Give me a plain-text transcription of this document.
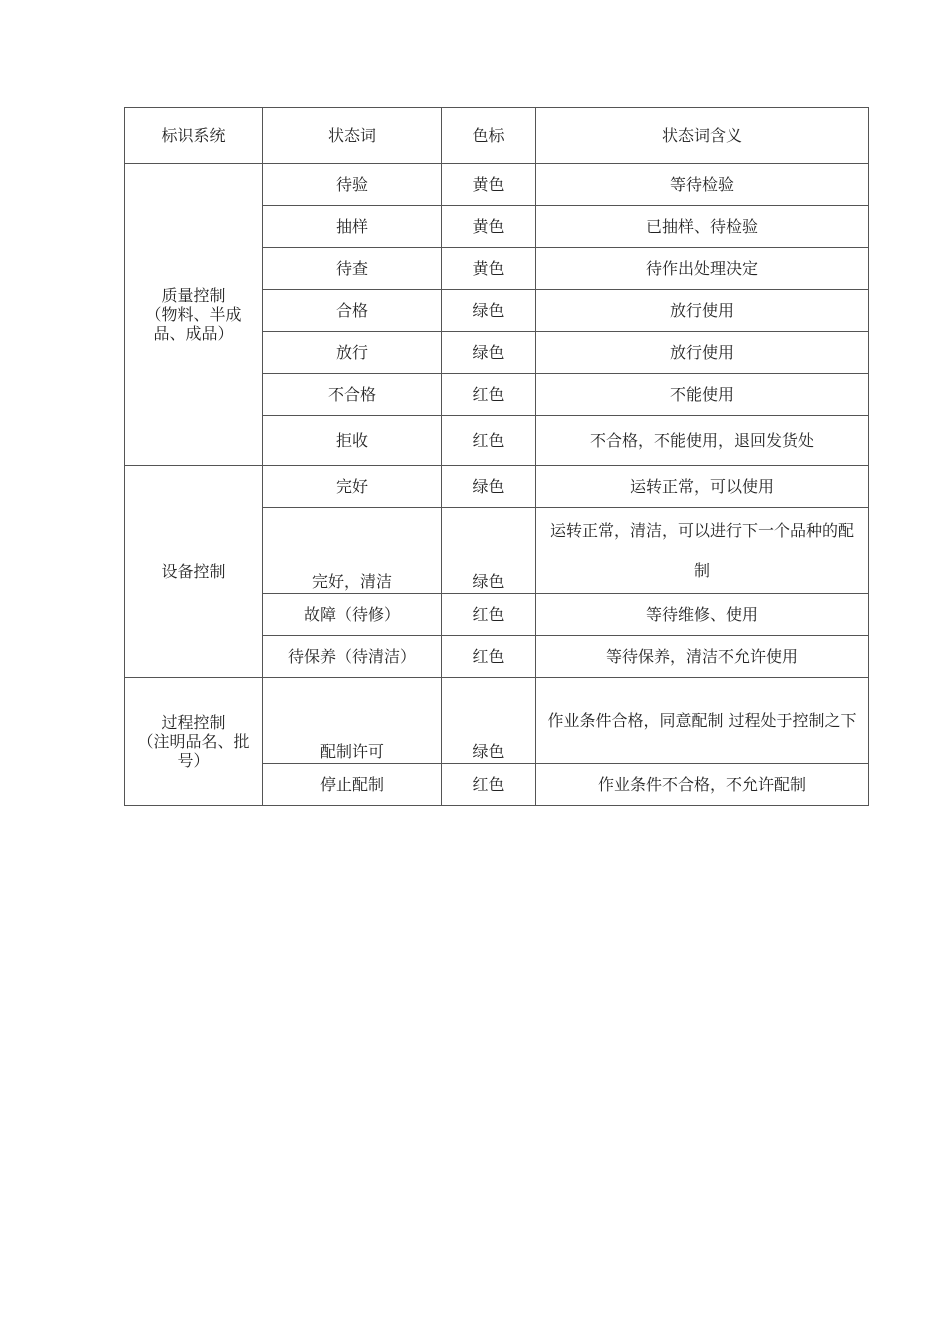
标识系统	状态词	色标	状态词含义

质量控制
（物料、半成
品、成品）	待验	黄色	等待检验
	抽样	黄色	已抽样、待检验
	待查	黄色	待作出处理决定
	合格	绿色	放行使用
	放行	绿色	放行使用
	不合格	红色	不能使用
	拒收	红色	不合格，不能使用，退回发货处

设备控制	完好	绿色	运转正常，可以使用
	完好，清洁	绿色	运转正常，清洁，可以进行下一个品种的配制
	故障（待修）	红色	等待维修、使用
	待保养（待清洁）	红色	等待保养，清洁不允许使用

过程控制
（注明品名、批
号）	配制许可	绿色	作业条件合格，同意配制 过程处于控制之下
	停止配制	红色	作业条件不合格，不允许配制
